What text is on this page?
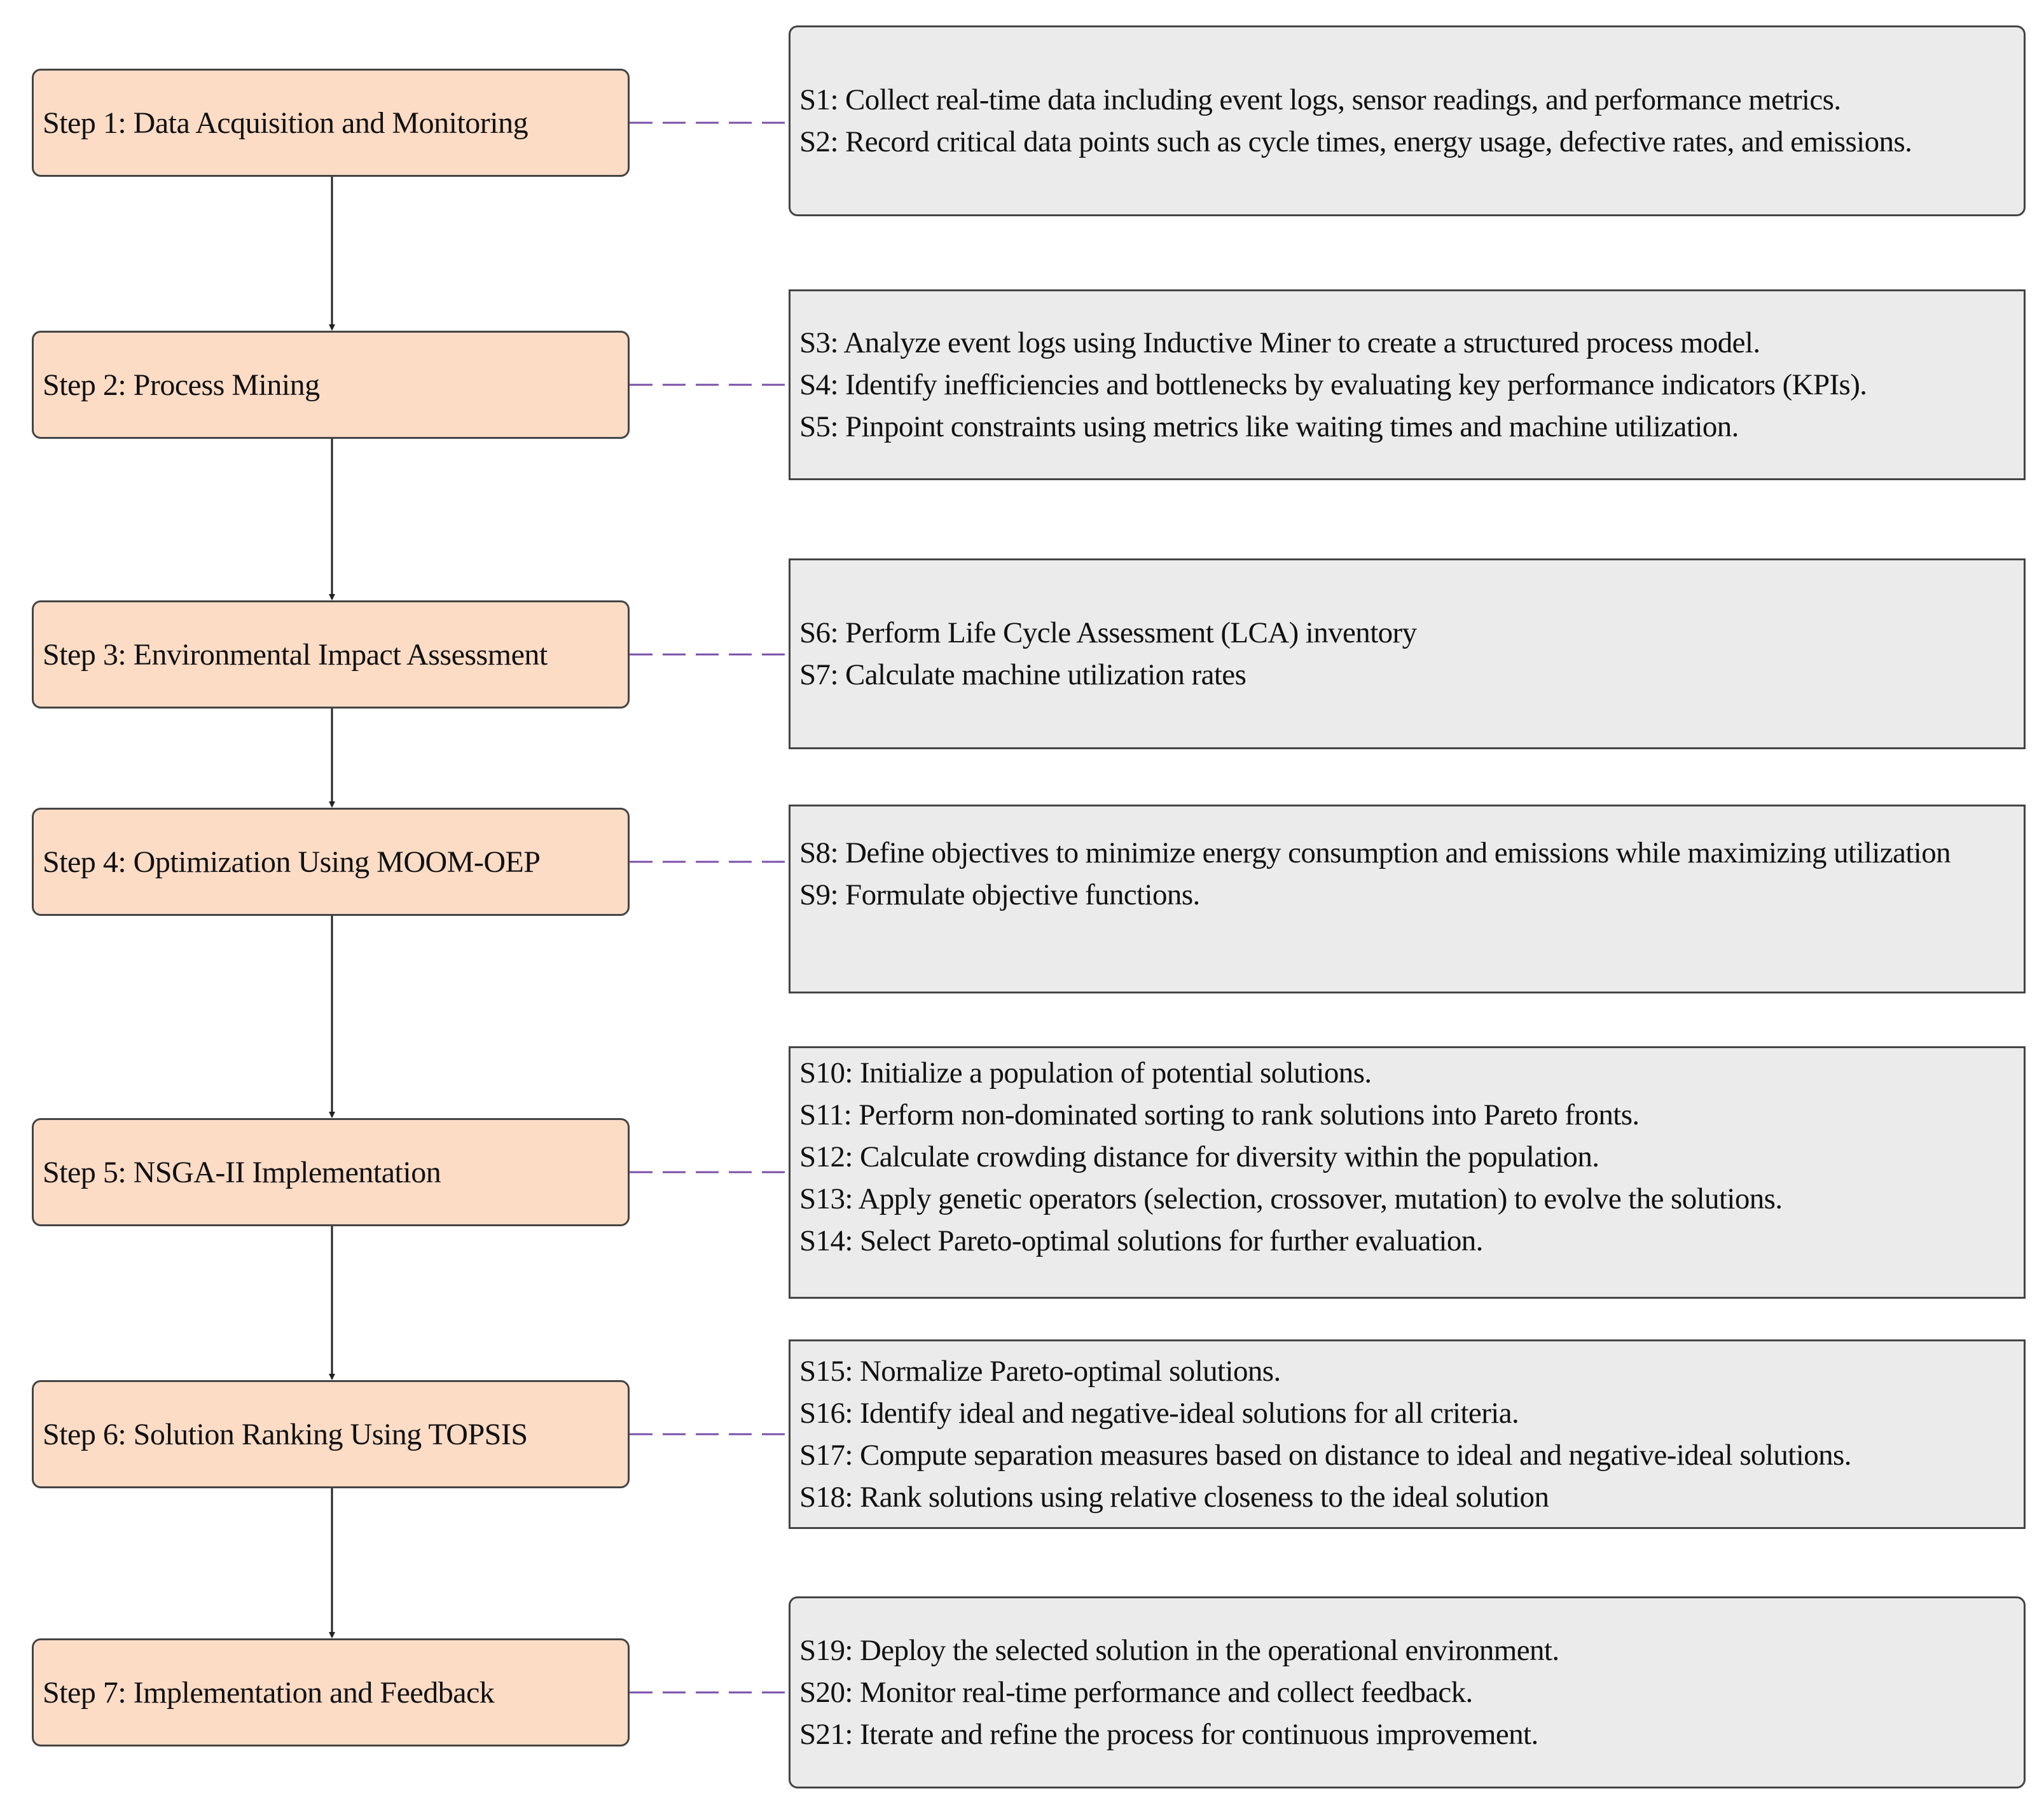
Step 1: Data Acquisition and Monitoring
S1: Collect real-time data including event logs, sensor readings, and performance metrics.
S2: Record critical data points such as cycle times, energy usage, defective rates, and emissions.
Step 2: Process Mining
S3: Analyze event logs using Inductive Miner to create a structured process model.
S4: Identify inefficiencies and bottlenecks by evaluating key performance indicators (KPIs).
S5: Pinpoint constraints using metrics like waiting times and machine utilization.
Step 3: Environmental Impact Assessment
S6: Perform Life Cycle Assessment (LCA) inventory
S7: Calculate machine utilization rates
Step 4: Optimization Using MOOM-OEP	S8: Define objectives to minimize energy consumption and emissions while maximizing utilization
S9: Formulate objective functions.
Step 5: NSGA-II Implementation
S10: Initialize a population of potential solutions.
S11: Perform non-dominated sorting to rank solutions into Pareto fronts.
S12: Calculate crowding distance for diversity within the population.
S13: Apply genetic operators (selection, crossover, mutation) to evolve the solutions.
S14: Select Pareto-optimal solutions for further evaluation.
Step 6: Solution Ranking Using TOPSIS
S15: Normalize Pareto-optimal solutions.
S16: Identify ideal and negative-ideal solutions for all criteria.
S17: Compute separation measures based on distance to ideal and negative-ideal solutions.
S18: Rank solutions using relative closeness to the ideal solution
Step 7: Implementation and Feedback
S19: Deploy the selected solution in the operational environment.
S20: Monitor real-time performance and collect feedback.
S21: Iterate and refine the process for continuous improvement.
